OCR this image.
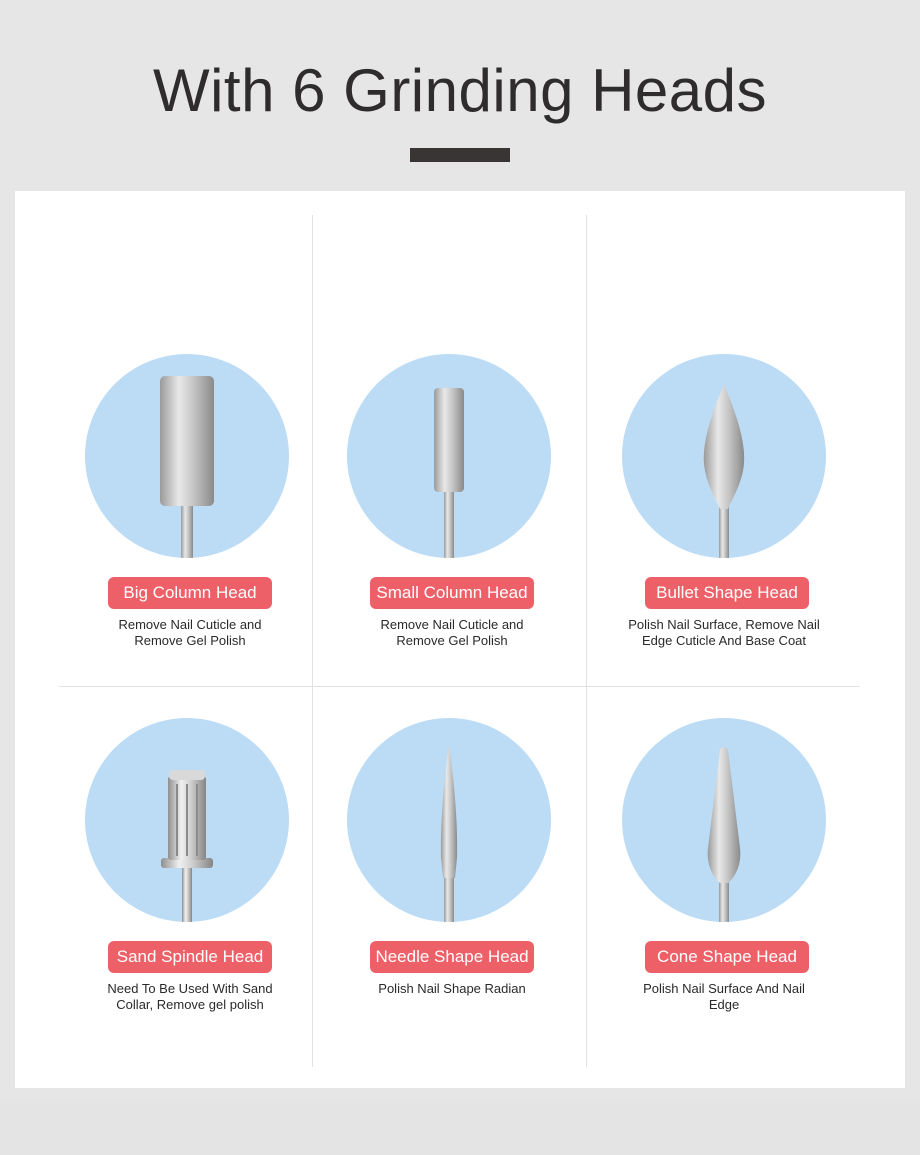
With 6 Grinding Heads
Big Column Head
Remove Nail Cuticle and
Remove Gel Polish
Small Column Head
Remove Nail Cuticle and
Remove Gel Polish
Bullet Shape Head
Polish Nail Surface, Remove Nail
Edge Cuticle And Base Coat
Sand Spindle Head
Need To Be Used With Sand
Collar, Remove gel polish
Needle Shape Head
Polish Nail Shape Radian
Cone Shape Head
Polish Nail Surface And Nail
Edge
